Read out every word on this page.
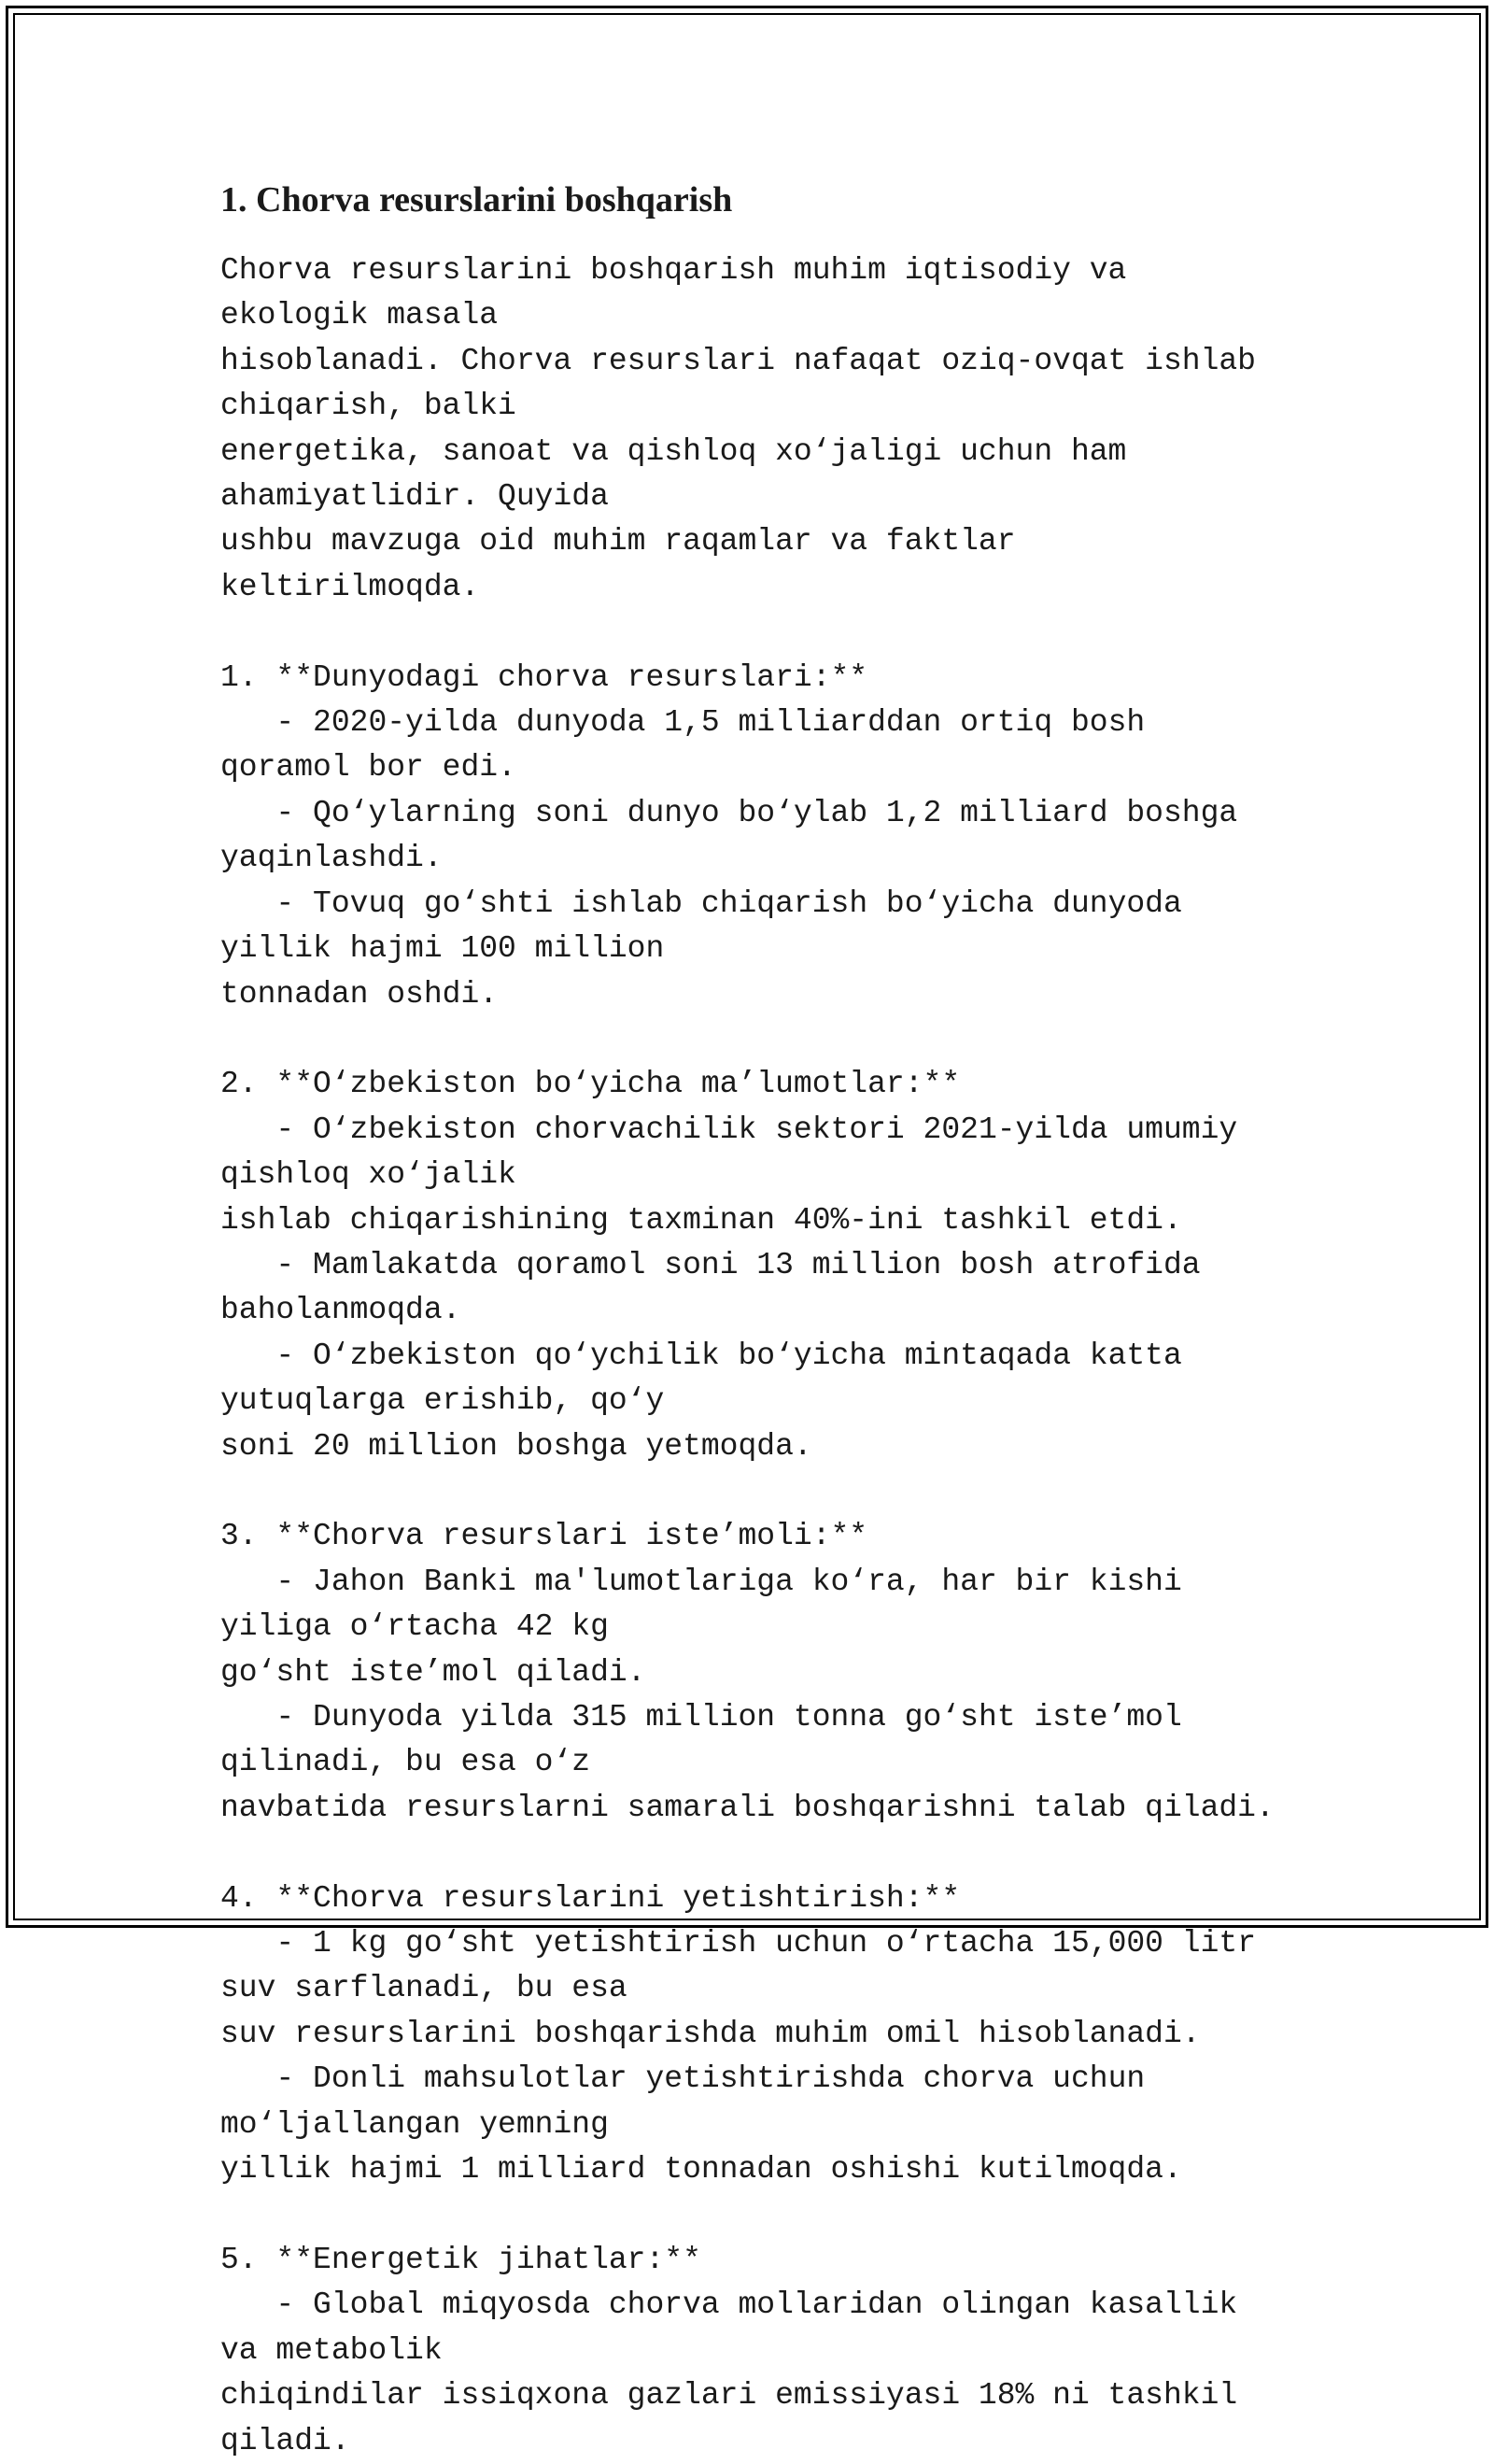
1. Chorva resurslarini boshqarish
Chorva resurslarini boshqarish muhim iqtisodiy va ekologik masala
hisoblanadi. Chorva resurslari nafaqat oziq-ovqat ishlab chiqarish, balki
energetika, sanoat va qishloq xo‘jaligi uchun ham ahamiyatlidir. Quyida
ushbu mavzuga oid muhim raqamlar va faktlar keltirilmoqda.

1. **Dunyodagi chorva resurslari:**
- 2020-yilda dunyoda 1,5 milliarddan ortiq bosh qoramol bor edi.
- Qo‘ylarning soni dunyo bo‘ylab 1,2 milliard boshga yaqinlashdi.
- Tovuq go‘shti ishlab chiqarish bo‘yicha dunyoda yillik hajmi 100 million
tonnadan oshdi.

2. **O‘zbekiston bo‘yicha ma’lumotlar:**
- O‘zbekiston chorvachilik sektori 2021-yilda umumiy qishloq xo‘jalik
ishlab chiqarishining taxminan 40%-ini tashkil etdi.
- Mamlakatda qoramol soni 13 million bosh atrofida baholanmoqda.
- O‘zbekiston qo‘ychilik bo‘yicha mintaqada katta yutuqlarga erishib, qo‘y
soni 20 million boshga yetmoqda.

3. **Chorva resurslari iste’moli:**
- Jahon Banki ma'lumotlariga ko‘ra, har bir kishi yiliga o‘rtacha 42 kg
go‘sht iste’mol qiladi.
- Dunyoda yilda 315 million tonna go‘sht iste’mol qilinadi, bu esa o‘z
navbatida resurslarni samarali boshqarishni talab qiladi.

4. **Chorva resurslarini yetishtirish:**
- 1 kg go‘sht yetishtirish uchun o‘rtacha 15,000 litr suv sarflanadi, bu esa
suv resurslarini boshqarishda muhim omil hisoblanadi.
- Donli mahsulotlar yetishtirishda chorva uchun mo‘ljallangan yemning
yillik hajmi 1 milliard tonnadan oshishi kutilmoqda.

5. **Energetik jihatlar:**
- Global miqyosda chorva mollaridan olingan kasallik va metabolik
chiqindilar issiqxona gazlari emissiyasi 18% ni tashkil qiladi.
